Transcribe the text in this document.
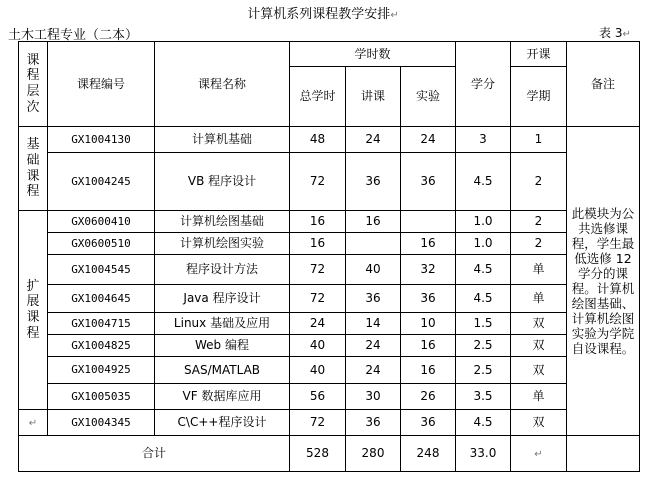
计算机系列课程教学安排↵
土木工程专业（二本）	表 3↵
课程层次	课程编号	课程名称	学时数			学分	开课	备注
			总学时	讲课	实验		学期	
基础课程	GX1004130	计算机基础	48	24	24	3	1	此模块为公共选修课程，学生最低选修 12 学分的课程。计算机绘图基础、计算机绘图实验为学院自设课程。
	GX1004245	VB 程序设计	72	36	36	4.5	2	
扩展课程	GX0600410	计算机绘图基础	16	16		1.0	2	
	GX0600510	计算机绘图实验	16		16	1.0	2	
	GX1004545	程序设计方法	72	40	32	4.5	单	
	GX1004645	Java 程序设计	72	36	36	4.5	单	
	GX1004715	Linux 基础及应用	24	14	10	1.5	双	
	GX1004825	Web 编程	40	24	16	2.5	双	
	GX1004925	SAS/MATLAB	40	24	16	2.5	双	
	GX1005035	VF 数据库应用	56	30	26	3.5	单	
↵	GX1004345	C\C++程序设计	72	36	36	4.5	双	
合计			528	280	248	33.0	↵	
